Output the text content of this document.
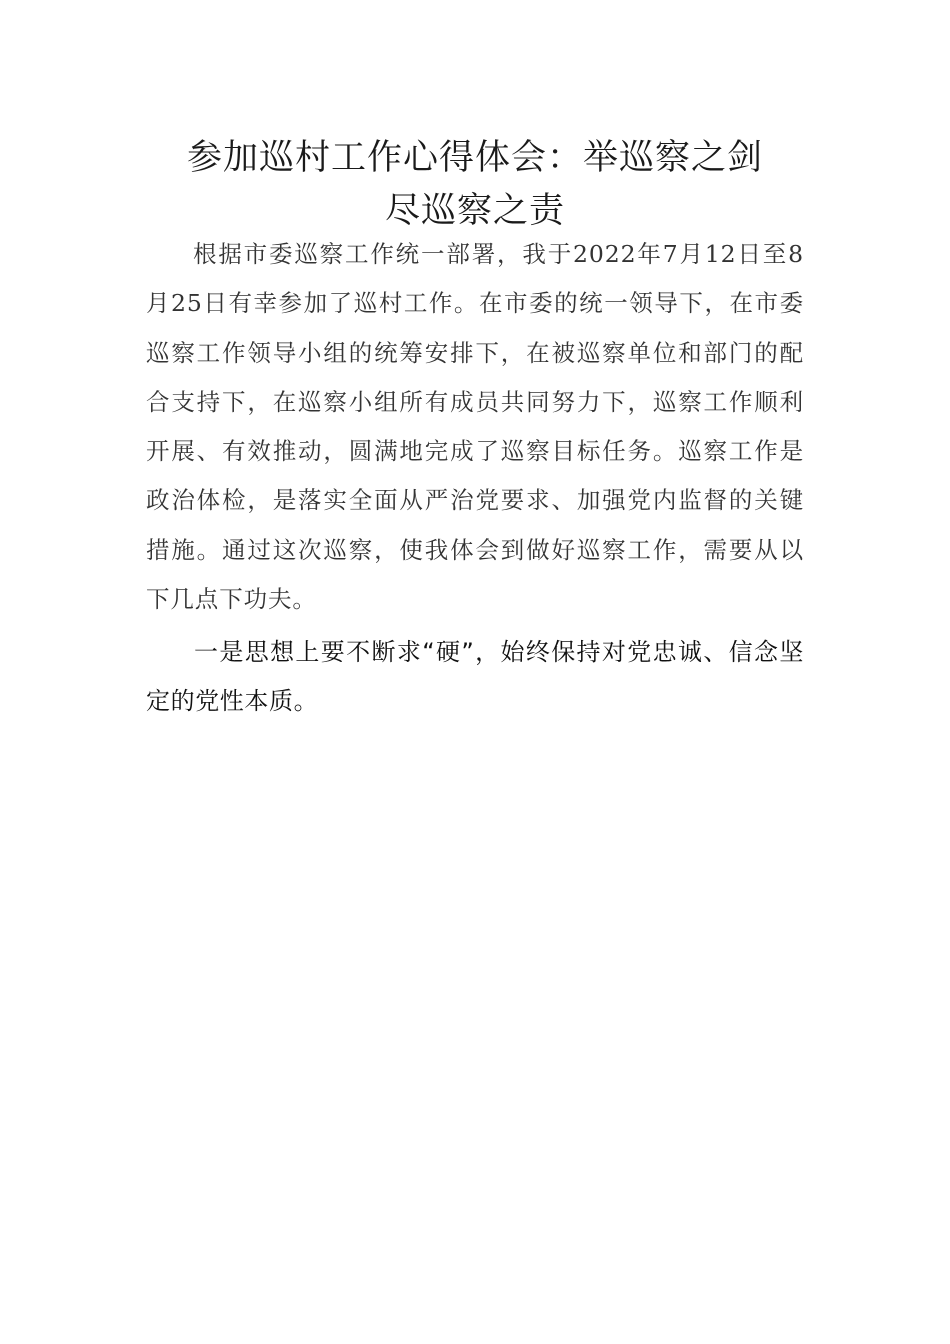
参加巡村工作心得体会：举巡察之剑
尽巡察之责

根据市委巡察工作统一部署，我于2022年7月12日至8月25日有幸参加了巡村工作。在市委的统一领导下，在市委巡察工作领导小组的统筹安排下，在被巡察单位和部门的配合支持下，在巡察小组所有成员共同努力下，巡察工作顺利开展、有效推动，圆满地完成了巡察目标任务。巡察工作是政治体检，是落实全面从严治党要求、加强党内监督的关键措施。通过这次巡察，使我体会到做好巡察工作，需要从以下几点下功夫。

一是思想上要不断求“硬”，始终保持对党忠诚、信念坚定的党性本质。
